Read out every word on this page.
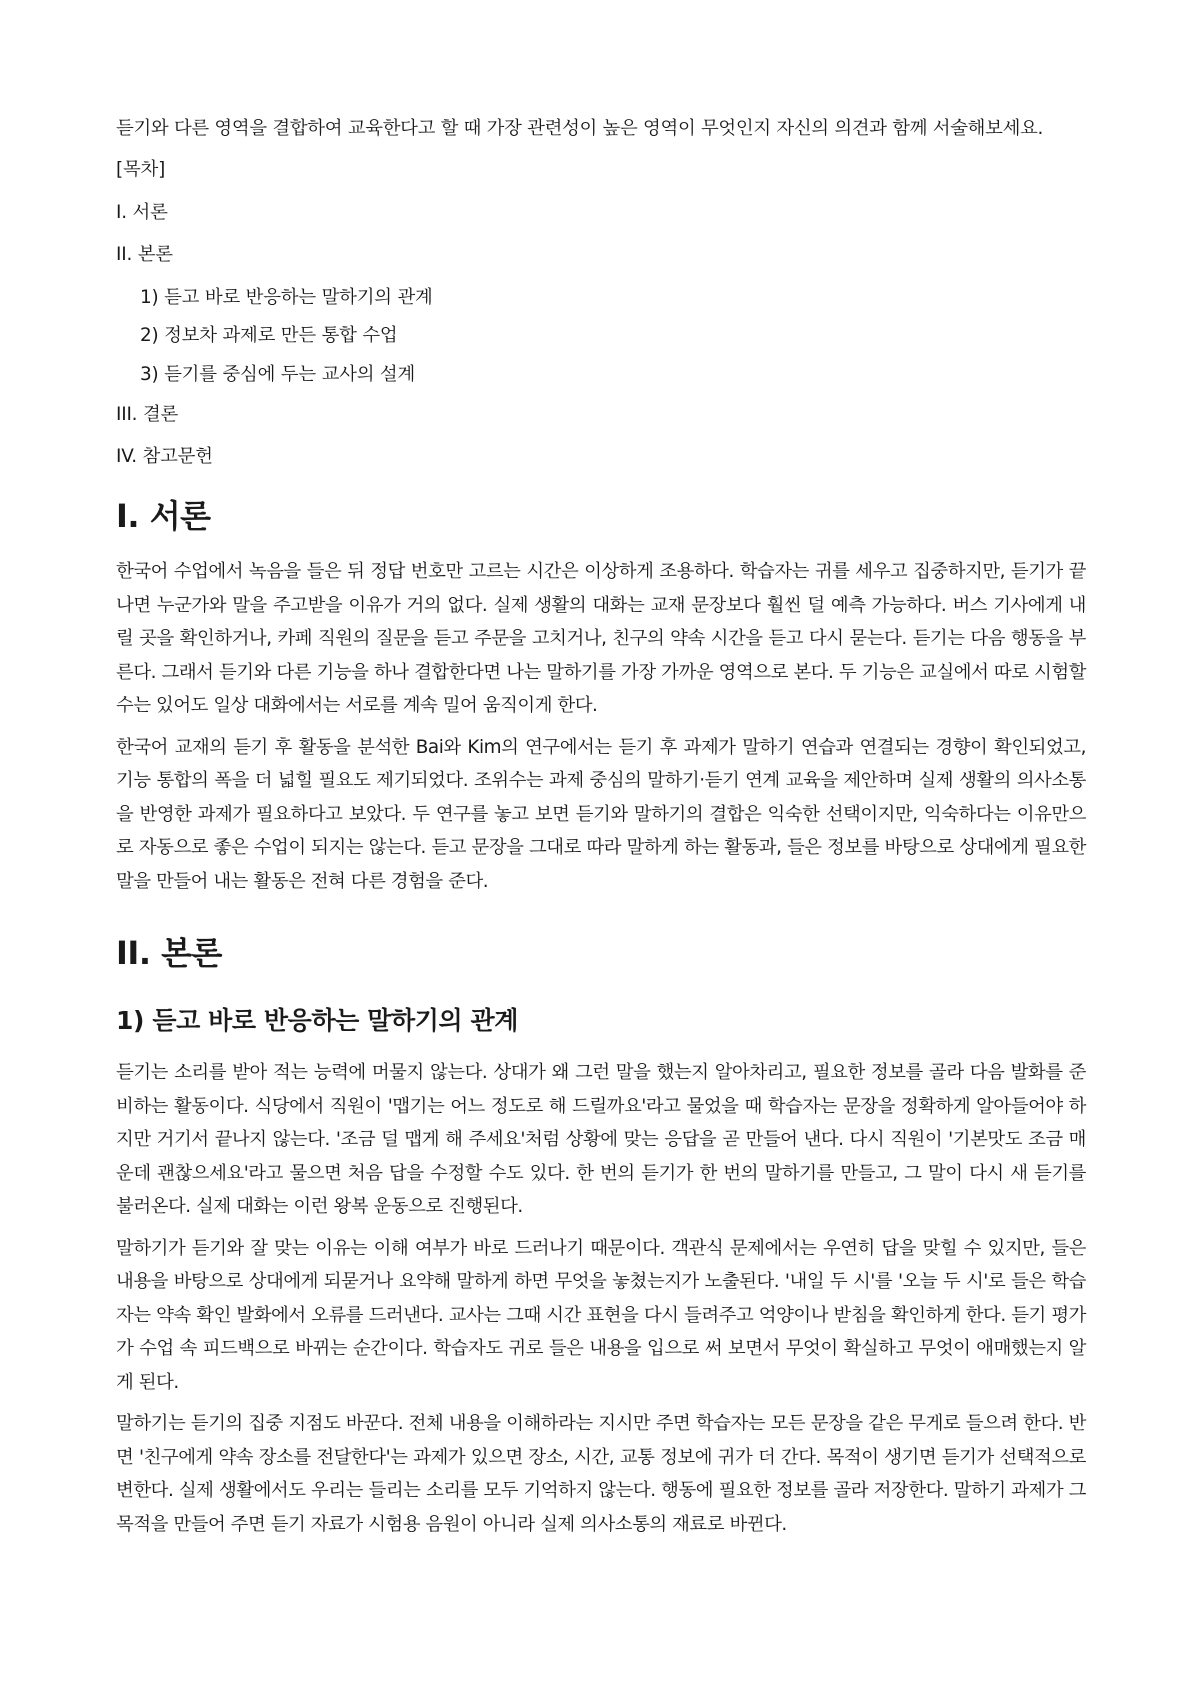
듣기와 다른 영역을 결합하여 교육한다고 할 때 가장 관련성이 높은 영역이 무엇인지 자신의 의견과 함께 서술해보세요.

[목차]
I. 서론
II. 본론
1) 듣고 바로 반응하는 말하기의 관계
2) 정보차 과제로 만든 통합 수업
3) 듣기를 중심에 두는 교사의 설계
III. 결론
IV. 참고문헌
I. 서론

한국어 수업에서 녹음을 들은 뒤 정답 번호만 고르는 시간은 이상하게 조용하다. 학습자는 귀를 세우고 집중하지만, 듣기가 끝나면 누군가와 말을 주고받을 이유가 거의 없다. 실제 생활의 대화는 교재 문장보다 훨씬 덜 예측 가능하다. 버스 기사에게 내릴 곳을 확인하거나, 카페 직원의 질문을 듣고 주문을 고치거나, 친구의 약속 시간을 듣고 다시 묻는다. 듣기는 다음 행동을 부른다. 그래서 듣기와 다른 기능을 하나 결합한다면 나는 말하기를 가장 가까운 영역으로 본다. 두 기능은 교실에서 따로 시험할 수는 있어도 일상 대화에서는 서로를 계속 밀어 움직이게 한다.

한국어 교재의 듣기 후 활동을 분석한 Bai와 Kim의 연구에서는 듣기 후 과제가 말하기 연습과 연결되는 경향이 확인되었고, 기능 통합의 폭을 더 넓힐 필요도 제기되었다. 조위수는 과제 중심의 말하기·듣기 연계 교육을 제안하며 실제 생활의 의사소통을 반영한 과제가 필요하다고 보았다. 두 연구를 놓고 보면 듣기와 말하기의 결합은 익숙한 선택이지만, 익숙하다는 이유만으로 자동으로 좋은 수업이 되지는 않는다. 듣고 문장을 그대로 따라 말하게 하는 활동과, 들은 정보를 바탕으로 상대에게 필요한 말을 만들어 내는 활동은 전혀 다른 경험을 준다.

II. 본론
1) 듣고 바로 반응하는 말하기의 관계

듣기는 소리를 받아 적는 능력에 머물지 않는다. 상대가 왜 그런 말을 했는지 알아차리고, 필요한 정보를 골라 다음 발화를 준비하는 활동이다. 식당에서 직원이 '맵기는 어느 정도로 해 드릴까요'라고 물었을 때 학습자는 문장을 정확하게 알아들어야 하지만 거기서 끝나지 않는다. '조금 덜 맵게 해 주세요'처럼 상황에 맞는 응답을 곧 만들어 낸다. 다시 직원이 '기본맛도 조금 매운데 괜찮으세요'라고 물으면 처음 답을 수정할 수도 있다. 한 번의 듣기가 한 번의 말하기를 만들고, 그 말이 다시 새 듣기를 불러온다. 실제 대화는 이런 왕복 운동으로 진행된다.

말하기가 듣기와 잘 맞는 이유는 이해 여부가 바로 드러나기 때문이다. 객관식 문제에서는 우연히 답을 맞힐 수 있지만, 들은 내용을 바탕으로 상대에게 되묻거나 요약해 말하게 하면 무엇을 놓쳤는지가 노출된다. '내일 두 시'를 '오늘 두 시'로 들은 학습자는 약속 확인 발화에서 오류를 드러낸다. 교사는 그때 시간 표현을 다시 들려주고 억양이나 받침을 확인하게 한다. 듣기 평가가 수업 속 피드백으로 바뀌는 순간이다. 학습자도 귀로 들은 내용을 입으로 써 보면서 무엇이 확실하고 무엇이 애매했는지 알게 된다.

말하기는 듣기의 집중 지점도 바꾼다. 전체 내용을 이해하라는 지시만 주면 학습자는 모든 문장을 같은 무게로 들으려 한다. 반면 '친구에게 약속 장소를 전달한다'는 과제가 있으면 장소, 시간, 교통 정보에 귀가 더 간다. 목적이 생기면 듣기가 선택적으로 변한다. 실제 생활에서도 우리는 들리는 소리를 모두 기억하지 않는다. 행동에 필요한 정보를 골라 저장한다. 말하기 과제가 그 목적을 만들어 주면 듣기 자료가 시험용 음원이 아니라 실제 의사소통의 재료로 바뀐다.
